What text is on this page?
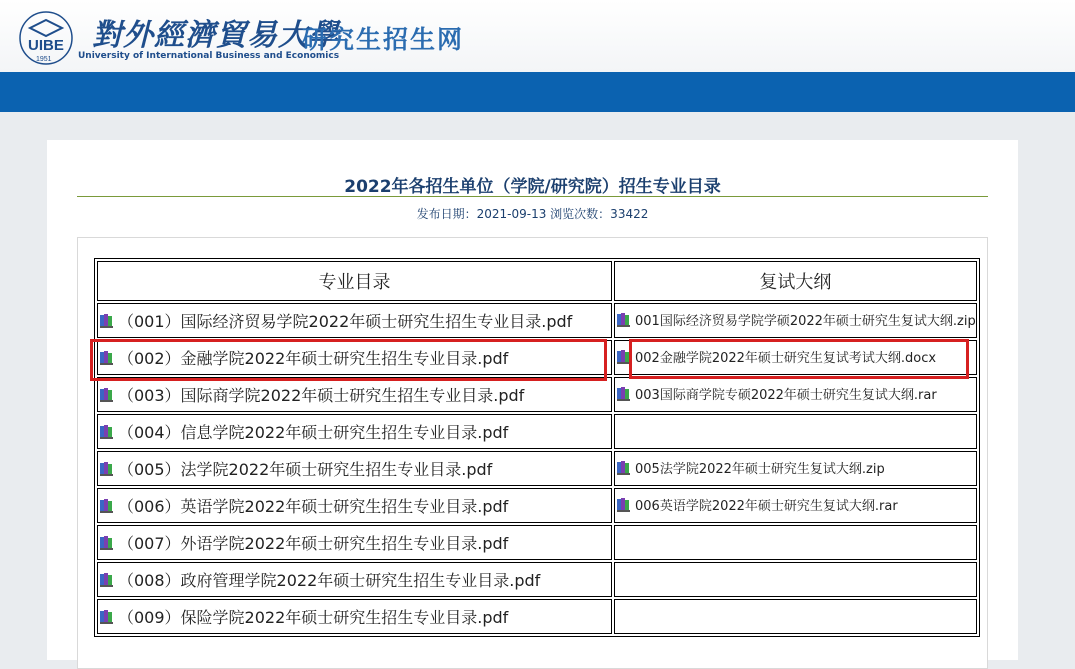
UIBE
1951
對外經濟貿易大學
University of International Business and Economics
研究生招生网
2022年各招生单位（学院/研究院）招生专业目录
发布日期：2021-09-13 浏览次数：33422
专业目录	复试大纲

（001）国际经济贸易学院2022年硕士研究生招生专业目录.pdf	001国际经济贸易学院学硕2022年硕士研究生复试大纲.zip

（002）金融学院2022年硕士研究生招生专业目录.pdf	002金融学院2022年硕士研究生复试考试大纲.docx

（003）国际商学院2022年硕士研究生招生专业目录.pdf	003国际商学院专硕2022年硕士研究生复试大纲.rar

（004）信息学院2022年硕士研究生招生专业目录.pdf	

（005）法学院2022年硕士研究生招生专业目录.pdf	005法学院2022年硕士研究生复试大纲.zip

（006）英语学院2022年硕士研究生招生专业目录.pdf	006英语学院2022年硕士研究生复试大纲.rar

（007）外语学院2022年硕士研究生招生专业目录.pdf	

（008）政府管理学院2022年硕士研究生招生专业目录.pdf	

（009）保险学院2022年硕士研究生招生专业目录.pdf	
